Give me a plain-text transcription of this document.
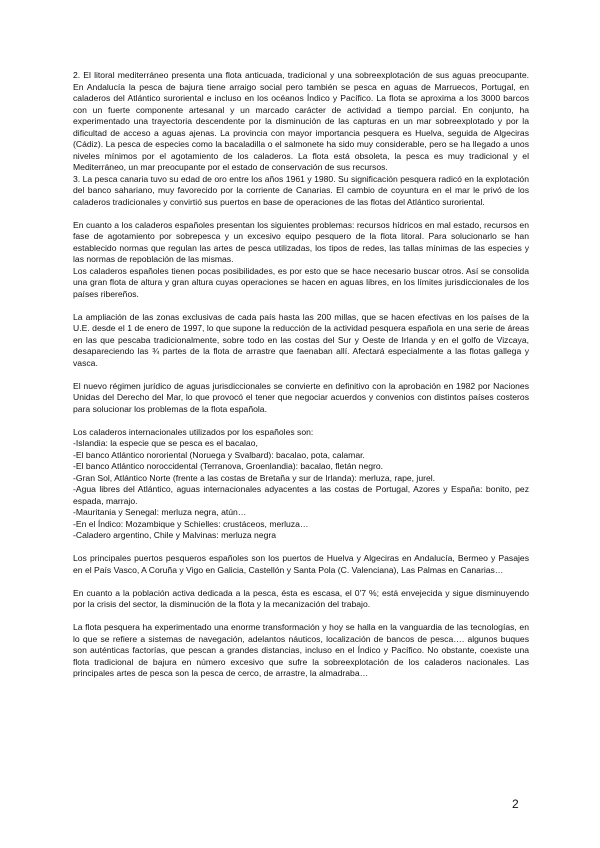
2. El litoral mediterráneo presenta una flota anticuada, tradicional y una sobreexplotación de sus aguas preocupante. En Andalucía la pesca de bajura tiene arraigo social pero también se pesca en aguas de Marruecos, Portugal, en caladeros del Atlántico suroriental e incluso en los océanos Índico y Pacífico. La flota se aproxima a los 3000 barcos con un fuerte componente artesanal y un marcado carácter de actividad a tiempo parcial. En conjunto, ha experimentado una trayectoria descendente por la disminución de las capturas en un mar sobreexplotado y por la dificultad de acceso a aguas ajenas. La provincia con mayor importancia pesquera es Huelva, seguida de Algeciras (Cádiz). La pesca de especies como la bacaladilla o el salmonete ha sido muy considerable, pero se ha llegado a unos niveles mínimos por el agotamiento de los caladeros. La flota está obsoleta, la pesca es muy tradicional y el Mediterráneo, un mar preocupante por el estado de conservación de sus recursos.

3. La pesca canaria tuvo su edad de oro entre los años 1961 y 1980. Su significación pesquera radicó en la explotación del banco sahariano, muy favorecido por la corriente de Canarias. El cambio de coyuntura en el mar le privó de los caladeros tradicionales y convirtió sus puertos en base de operaciones de las flotas del Atlántico suroriental.

En cuanto a los caladeros españoles presentan los siguientes problemas: recursos hídricos en mal estado, recursos en fase de agotamiento por sobrepesca y un excesivo equipo pesquero de la flota litoral. Para solucionarlo se han establecido normas que regulan las artes de pesca utilizadas, los tipos de redes, las tallas mínimas de las especies y las normas de repoblación de las mismas.

Los caladeros españoles tienen pocas posibilidades, es por esto que se hace necesario buscar otros. Así se consolida una gran flota de altura y gran altura cuyas operaciones se hacen en aguas libres, en los límites jurisdiccionales de los países ribereños.

La ampliación de las zonas exclusivas de cada país hasta las 200 millas, que se hacen efectivas en los países de la U.E. desde el 1 de enero de 1997, lo que supone la reducción de la actividad pesquera española en una serie de áreas en las que pescaba tradicionalmente, sobre todo en las costas del Sur y Oeste de Irlanda y en el golfo de Vizcaya, desapareciendo las ¾ partes de la flota de arrastre que faenaban allí. Afectará especialmente a las flotas gallega y vasca.

El nuevo régimen jurídico de aguas jurisdiccionales se convierte en definitivo con la aprobación en 1982 por Naciones Unidas del Derecho del Mar, lo que provocó el tener que negociar acuerdos y convenios con distintos países costeros para solucionar los problemas de la flota española.

Los caladeros internacionales utilizados por los españoles son:

-Islandia: la especie que se pesca es el bacalao,

-El banco Atlántico nororiental (Noruega y Svalbard): bacalao, pota, calamar.

-El banco Atlántico noroccidental (Terranova, Groenlandia): bacalao, fletán negro.

-Gran Sol, Atlántico Norte (frente a las costas de Bretaña y sur de Irlanda): merluza, rape, jurel.

-Agua libres del Atlántico, aguas internacionales adyacentes a las costas de Portugal, Azores y España: bonito, pez espada, marrajo.

-Mauritania y Senegal: merluza negra, atún…

-En el Índico: Mozambique y Schielles: crustáceos, merluza…

-Caladero argentino, Chile y Malvinas: merluza negra

Los principales puertos pesqueros españoles son los puertos de Huelva y Algeciras en Andalucía, Bermeo y Pasajes en el País Vasco, A Coruña y Vigo en Galicia, Castellón y Santa Pola (C. Valenciana), Las Palmas en Canarias…

En cuanto a la población activa dedicada a la pesca, ésta es escasa, el 0'7 %; está envejecida y sigue disminuyendo por la crisis del sector, la disminución de la flota y la mecanización del trabajo.

La flota pesquera ha experimentado una enorme transformación y hoy se halla en la vanguardia de las tecnologías, en lo que se refiere a sistemas de navegación, adelantos náuticos, localización de bancos de pesca…. algunos buques son auténticas factorías, que pescan a grandes distancias, incluso en el Índico y Pacífico. No obstante, coexiste una flota tradicional de bajura en número excesivo que sufre la sobreexplotación de los caladeros nacionales. Las principales artes de pesca son la pesca de cerco, de arrastre, la almadraba…

2
